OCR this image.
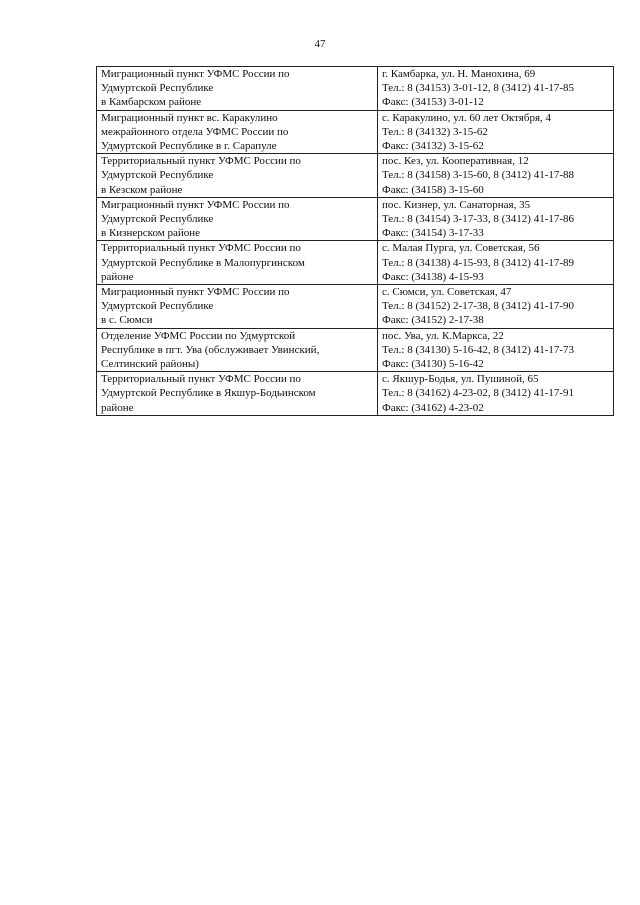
47
Миграционный пункт УФМС России по
Удмуртской Республике
в Камбарском районе	г. Камбарка, ул. Н. Манохина, 69
Тел.: 8 (34153) 3-01-12, 8 (3412) 41-17-85
Факс: (34153) 3-01-12

Миграционный пункт вс. Каракулино
межрайонного отдела УФМС России по
Удмуртской Республике в г. Сарапуле	с. Каракулино, ул. 60 лет Октября, 4
Тел.: 8 (34132) 3-15-62
Факс: (34132) 3-15-62

Территориальный пункт УФМС России по
Удмуртской Республике
в Кезском районе	пос. Кез, ул. Кооперативная, 12
Тел.: 8 (34158) 3-15-60, 8 (3412) 41-17-88
Факс: (34158) 3-15-60

Миграционный пункт УФМС России по
Удмуртской Республике
в Кизнерском районе	пос. Кизнер, ул. Санаторная, 35
Тел.: 8 (34154) 3-17-33, 8 (3412) 41-17-86
Факс: (34154) 3-17-33

Территориальный пункт УФМС России по
Удмуртской Республике в Малопургинском
районе	с. Малая Пурга, ул. Советская, 56
Тел.: 8 (34138) 4-15-93, 8 (3412) 41-17-89
Факс: (34138) 4-15-93

Миграционный пункт УФМС России по
Удмуртской Республике
в с. Сюмси	с. Сюмси, ул. Советская, 47
Тел.: 8 (34152) 2-17-38, 8 (3412) 41-17-90
Факс: (34152) 2-17-38

Отделение УФМС России по Удмуртской
Республике в пгт. Ува (обслуживает Увинский,
Селтинский районы)	пос. Ува, ул. К.Маркса, 22
Тел.: 8 (34130) 5-16-42, 8 (3412) 41-17-73
Факс: (34130) 5-16-42

Территориальный пункт УФМС России по
Удмуртской Республике в Якшур-Бодьинском
районе	с. Якшур-Бодья, ул. Пушиной, 65
Тел.: 8 (34162) 4-23-02, 8 (3412) 41-17-91
Факс: (34162) 4-23-02
